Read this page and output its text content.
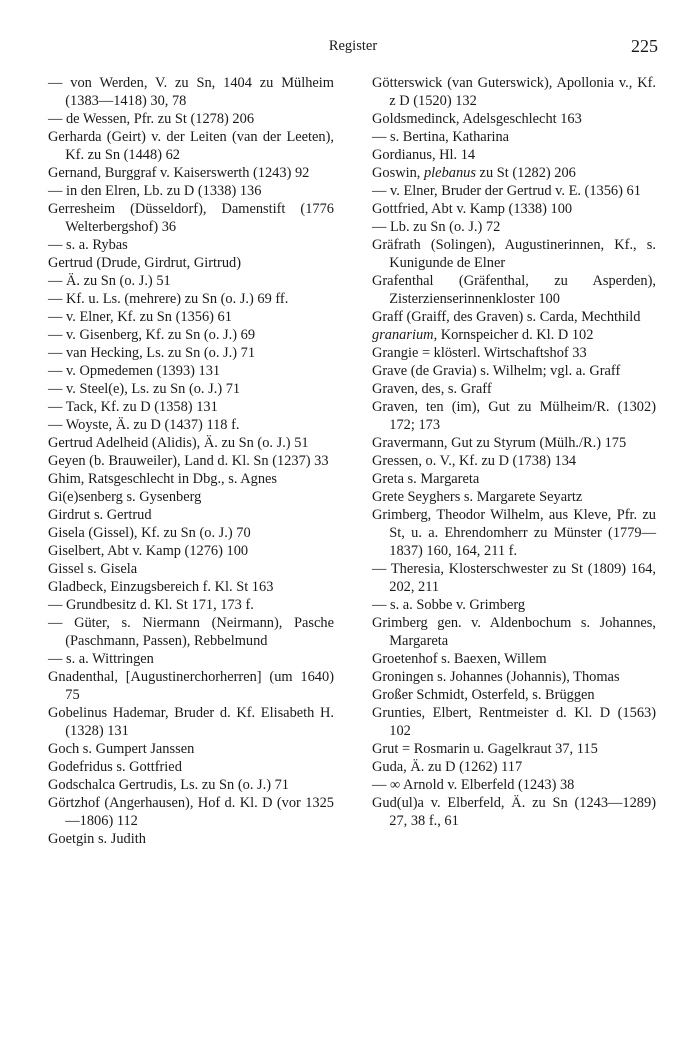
Register	225

— von Werden, V. zu Sn, 1404 zu Mülheim (1383—1418) 30, 78

— de Wessen, Pfr. zu St (1278) 206

Gerharda (Geirt) v. der Leiten (van der Leeten), Kf. zu Sn (1448) 62

Gernand, Burggraf v. Kaiserswerth (1243) 92

— in den Elren, Lb. zu D (1338) 136

Gerresheim (Düsseldorf), Damenstift (1776 Welterbergshof) 36

— s. a. Rybas

Gertrud (Drude, Girdrut, Girtrud)

— Ä. zu Sn (o. J.) 51

— Kf. u. Ls. (mehrere) zu Sn (o. J.) 69 ff.

— v. Elner, Kf. zu Sn (1356) 61

— v. Gisenberg, Kf. zu Sn (o. J.) 69

— van Hecking, Ls. zu Sn (o. J.) 71

— v. Opmedemen (1393) 131

— v. Steel(e), Ls. zu Sn (o. J.) 71

— Tack, Kf. zu D (1358) 131

— Woyste, Ä. zu D (1437) 118 f.

Gertrud Adelheid (Alidis), Ä. zu Sn (o. J.) 51

Geyen (b. Brauweiler), Land d. Kl. Sn (1237) 33

Ghim, Ratsgeschlecht in Dbg., s. Agnes

Gi(e)senberg s. Gysenberg

Girdrut s. Gertrud

Gisela (Gissel), Kf. zu Sn (o. J.) 70

Giselbert, Abt v. Kamp (1276) 100

Gissel s. Gisela

Gladbeck, Einzugsbereich f. Kl. St 163

— Grundbesitz d. Kl. St 171, 173 f.

— Güter, s. Niermann (Neirmann), Pasche (Paschmann, Passen), Rebbelmund

— s. a. Wittringen

Gnadenthal, [Augustinerchorherren] (um 1640) 75

Gobelinus Hademar, Bruder d. Kf. Elisabeth H. (1328) 131

Goch s. Gumpert Janssen

Godefridus s. Gottfried

Godschalca Gertrudis, Ls. zu Sn (o. J.) 71

Görtzhof (Angerhausen), Hof d. Kl. D (vor 1325—1806) 112

Goetgin s. Judith

Götterswick (van Guterswick), Apollonia v., Kf. z D (1520) 132

Goldsmedinck, Adelsgeschlecht 163

— s. Bertina, Katharina

Gordianus, Hl. 14

Goswin, plebanus zu St (1282) 206

— v. Elner, Bruder der Gertrud v. E. (1356) 61

Gottfried, Abt v. Kamp (1338) 100

— Lb. zu Sn (o. J.) 72

Gräfrath (Solingen), Augustinerinnen, Kf., s. Kunigunde de Elner

Grafenthal (Gräfenthal, zu Asperden), Zisterzienserinnenkloster 100

Graff (Graiff, des Graven) s. Carda, Mechthild

granarium, Kornspeicher d. Kl. D 102

Grangie = klösterl. Wirtschaftshof 33

Grave (de Gravia) s. Wilhelm; vgl. a. Graff

Graven, des, s. Graff

Graven, ten (im), Gut zu Mülheim/R. (1302) 172; 173

Gravermann, Gut zu Styrum (Mülh./R.) 175

Gressen, o. V., Kf. zu D (1738) 134

Greta s. Margareta

Grete Seyghers s. Margarete Seyartz

Grimberg, Theodor Wilhelm, aus Kleve, Pfr. zu St, u. a. Ehrendomherr zu Münster (1779—1837) 160, 164, 211 f.

— Theresia, Klosterschwester zu St (1809) 164, 202, 211

— s. a. Sobbe v. Grimberg

Grimberg gen. v. Aldenbochum s. Johannes, Margareta

Groetenhof s. Baexen, Willem

Groningen s. Johannes (Johannis), Thomas

Großer Schmidt, Osterfeld, s. Brüggen

Grunties, Elbert, Rentmeister d. Kl. D (1563) 102

Grut = Rosmarin u. Gagelkraut 37, 115

Guda, Ä. zu D (1262) 117

— ∞ Arnold v. Elberfeld (1243) 38

Gud(ul)a v. Elberfeld, Ä. zu Sn (1243—1289) 27, 38 f., 61
